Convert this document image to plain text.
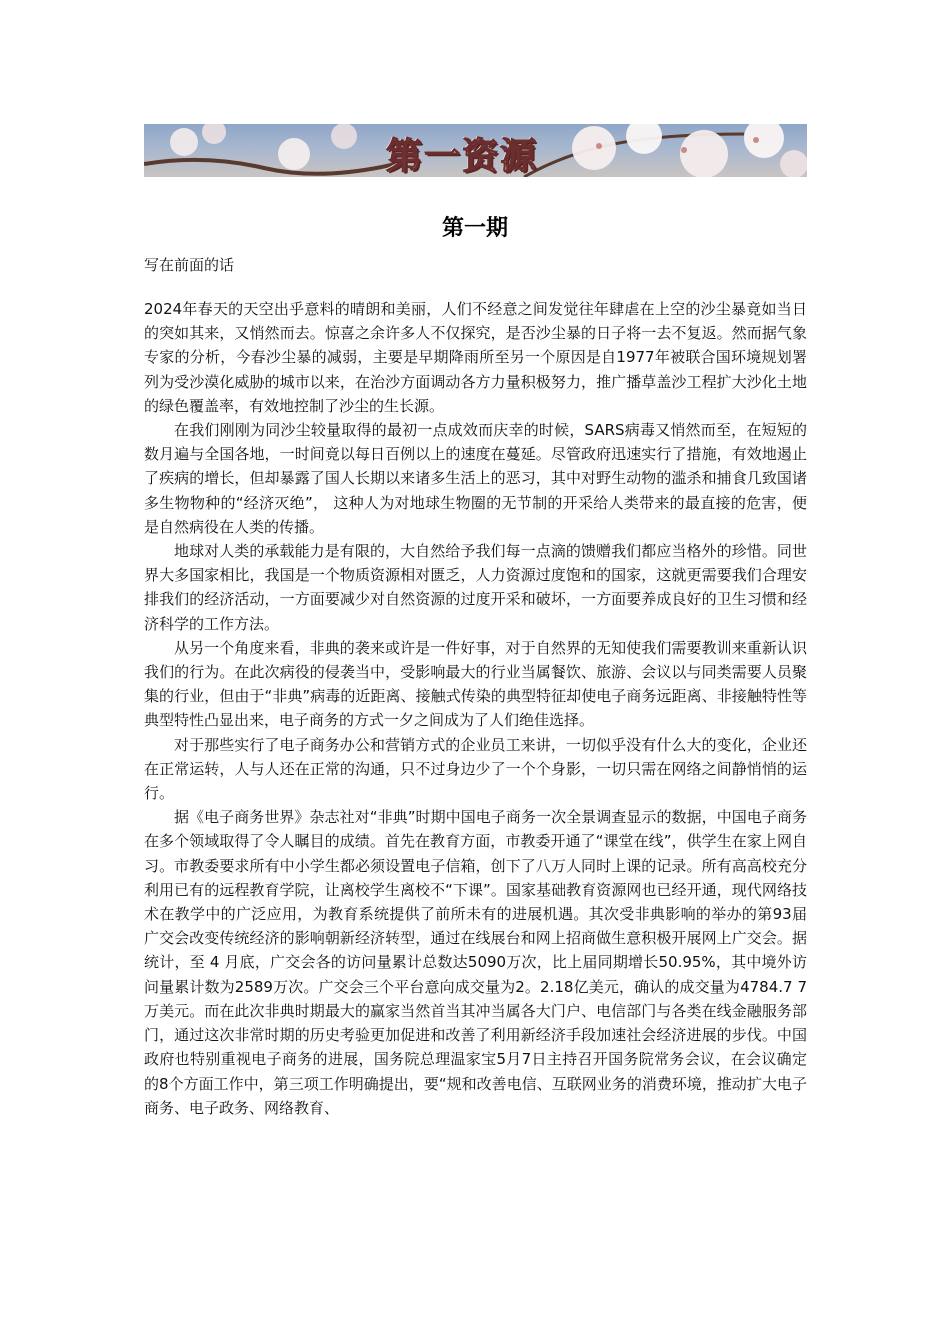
第一资源
第一期

写在前面的话

2024年春天的天空出乎意料的晴朗和美丽，人们不经意之间发觉往年肆虐在上空的沙尘暴竟如当日的突如其来，又悄然而去。惊喜之余许多人不仅探究，是否沙尘暴的日子将一去不复返。然而据气象专家的分析，今春沙尘暴的减弱，主要是早期降雨所至另一个原因是自1977年被联合国环境规划署列为受沙漠化威胁的城市以来，在治沙方面调动各方力量积极努力，推广播草盖沙工程扩大沙化土地的绿色覆盖率，有效地控制了沙尘的生长源。

在我们刚刚为同沙尘较量取得的最初一点成效而庆幸的时候，SARS病毒又悄然而至，在短短的数月遍与全国各地，一时间竟以每日百例以上的速度在蔓延。尽管政府迅速实行了措施，有效地遏止了疾病的增长，但却暴露了国人长期以来诸多生活上的恶习，其中对野生动物的滥杀和捕食几致国诸多生物物种的“经济灭绝”， 这种人为对地球生物圈的无节制的开采给人类带来的最直接的危害，便是自然病役在人类的传播。

地球对人类的承载能力是有限的，大自然给予我们每一点滴的馈赠我们都应当格外的珍惜。同世界大多国家相比，我国是一个物质资源相对匮乏，人力资源过度饱和的国家，这就更需要我们合理安排我们的经济活动，一方面要减少对自然资源的过度开采和破坏，一方面要养成良好的卫生习惯和经济科学的工作方法。

从另一个角度来看，非典的袭来或许是一件好事，对于自然界的无知使我们需要教训来重新认识我们的行为。在此次病役的侵袭当中，受影响最大的行业当属餐饮、旅游、会议以与同类需要人员聚集的行业，但由于“非典”病毒的近距离、接触式传染的典型特征却使电子商务远距离、非接触特性等典型特性凸显出来，电子商务的方式一夕之间成为了人们绝佳选择。

对于那些实行了电子商务办公和营销方式的企业员工来讲，一切似乎没有什么大的变化，企业还在正常运转，人与人还在正常的沟通，只不过身边少了一个个身影，一切只需在网络之间静悄悄的运行。

据《电子商务世界》杂志社对“非典”时期中国电子商务一次全景调查显示的数据，中国电子商务在多个领域取得了令人瞩目的成绩。首先在教育方面，市教委开通了“课堂在线”，供学生在家上网自习。市教委要求所有中小学生都必须设置电子信箱，创下了八万人同时上课的记录。所有高高校充分利用已有的远程教育学院，让离校学生离校不“下课”。国家基础教育资源网也已经开通，现代网络技术在教学中的广泛应用，为教育系统提供了前所未有的进展机遇。其次受非典影响的举办的第93届广交会改变传统经济的影响朝新经济转型，通过在线展台和网上招商做生意积极开展网上广交会。据统计，至 4 月底，广交会各的访问量累计总数达5090万次，比上届同期增长50.95%，其中境外访问量累计数为2589万次。广交会三个平台意向成交量为2。2.18亿美元，确认的成交量为4784.7 7万美元。而在此次非典时期最大的赢家当然首当其冲当属各大门户、电信部门与各类在线金融服务部门，通过这次非常时期的历史考验更加促进和改善了利用新经济手段加速社会经济进展的步伐。中国政府也特别重视电子商务的进展，国务院总理温家宝5月7日主持召开国务院常务会议，在会议确定的8个方面工作中，第三项工作明确提出，要“规和改善电信、互联网业务的消费环境，推动扩大电子商务、电子政务、网络教育、
